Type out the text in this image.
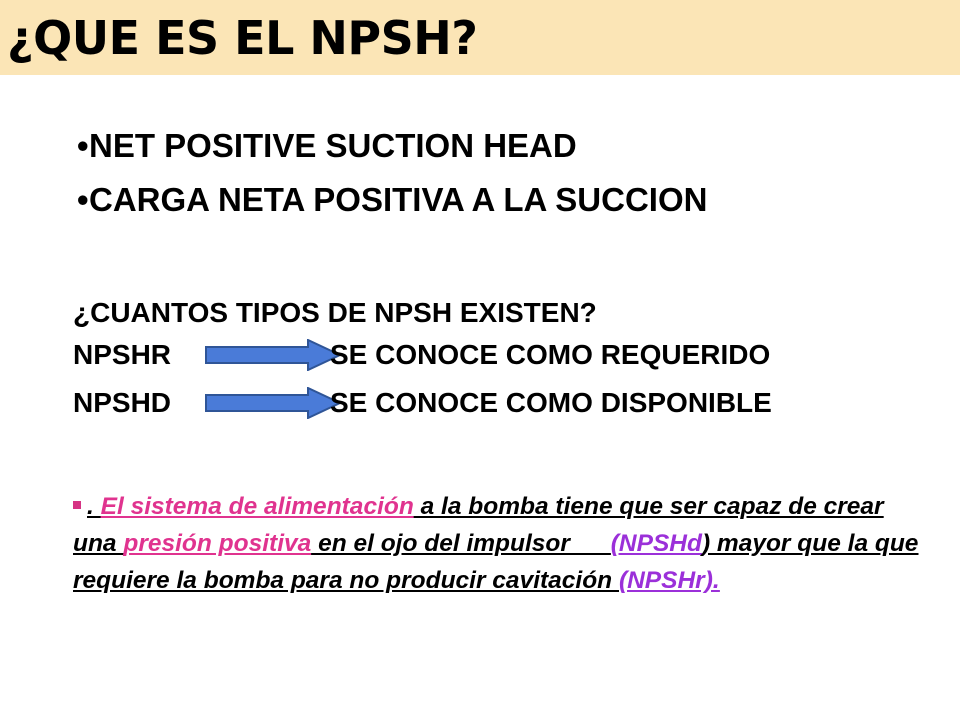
¿QUE ES EL NPSH?
•NET POSITIVE SUCTION HEAD
•CARGA NETA POSITIVA A LA SUCCION
¿CUANTOS TIPOS DE NPSH EXISTEN?
NPSHR	SE CONOCE COMO REQUERIDO
NPSHD	SE CONOCE COMO DISPONIBLE
. El sistema de alimentación a la bomba tiene que ser capaz de crear una presión positiva en el ojo del impulsor      (NPSHd) mayor que la que requiere la bomba para no producir cavitación (NPSHr).
